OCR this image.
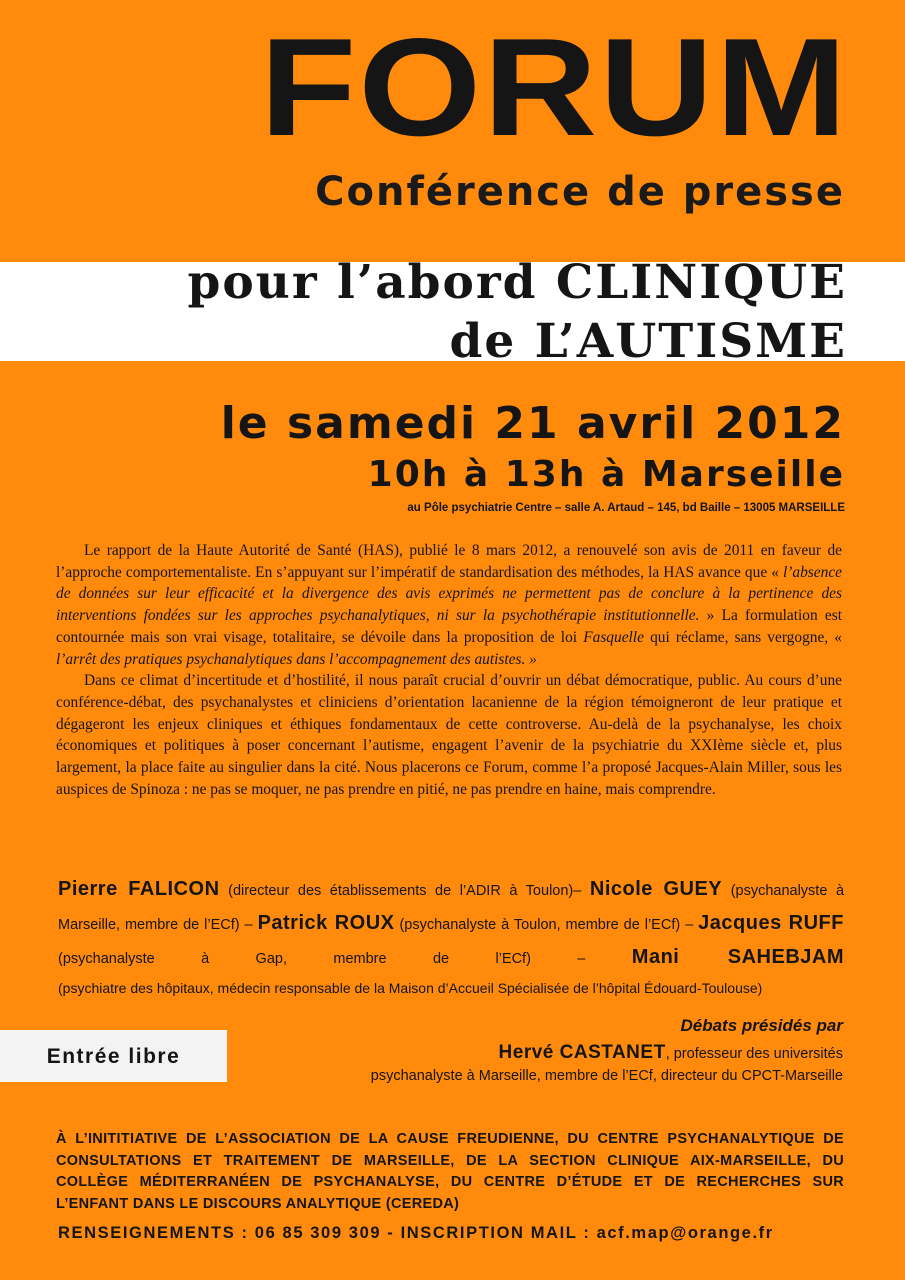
FORUM
Conférence de presse
pour l’abord CLINIQUE
de L’AUTISME
le samedi 21 avril 2012
10h à 13h à Marseille
au Pôle psychiatrie Centre – salle A. Artaud – 145, bd Baille – 13005 MARSEILLE

Le rapport de la Haute Autorité de Santé (HAS), publié le 8 mars 2012, a renouvelé son avis de 2011 en faveur de l’approche comportementaliste. En s’appuyant sur l’impératif de standardisation des méthodes, la HAS avance que « l’absence de données sur leur efficacité et la divergence des avis exprimés ne permettent pas de conclure à la pertinence des interventions fondées sur les approches psychanalytiques, ni sur la psychothérapie institutionnelle. » La formulation est contournée mais son vrai visage, totalitaire, se dévoile dans la proposition de loi Fasquelle qui réclame, sans vergogne, « l’arrêt des pratiques psychanalytiques dans l’accompagnement des autistes. »

Dans ce climat d’incertitude et d’hostilité, il nous paraît crucial d’ouvrir un débat démocratique, public. Au cours d’une conférence-débat, des psychanalystes et cliniciens d’orientation lacanienne de la région témoigneront de leur pratique et dégageront les enjeux cliniques et éthiques fondamentaux de cette controverse. Au-delà de la psychanalyse, les choix économiques et politiques à poser concernant l’autisme, engagent l’avenir de la psychiatrie du XXIème siècle et, plus largement, la place faite au singulier dans la cité. Nous placerons ce Forum, comme l’a proposé Jacques-Alain Miller, sous les auspices de Spinoza : ne pas se moquer, ne pas prendre en pitié, ne pas prendre en haine, mais comprendre.

Pierre FALICON (directeur des établissements de l’ADIR à Toulon)– Nicole GUEY (psychanalyste à Marseille, membre de l’ECf) – Patrick ROUX (psychanalyste à Toulon, membre de l’ECf) – Jacques RUFF (psychanalyste à Gap, membre de l’ECf)	– Mani SAHEBJAM
(psychiatre des hôpitaux, médecin responsable de la Maison d’Accueil Spécialisée de l’hôpital Édouard-Toulouse)
Entrée libre
Débats présidés par
Hervé CASTANET, professeur des universités
psychanalyste à Marseille, membre de l’ECf, directeur du CPCT-Marseille
À L’INITITIATIVE DE L’ASSOCIATION DE LA CAUSE FREUDIENNE, DU CENTRE PSYCHANALYTIQUE DE CONSULTATIONS ET TRAITEMENT DE MARSEILLE, DE LA SECTION CLINIQUE AIX-MARSEILLE, DU COLLÈGE MÉDITERRANÉEN DE PSYCHANALYSE, DU CENTRE D’ÉTUDE ET DE RECHERCHES SUR L’ENFANT DANS LE DISCOURS ANALYTIQUE (CEREDA)
RENSEIGNEMENTS : 06 85 309 309 - INSCRIPTION MAIL : acf.map@orange.fr
